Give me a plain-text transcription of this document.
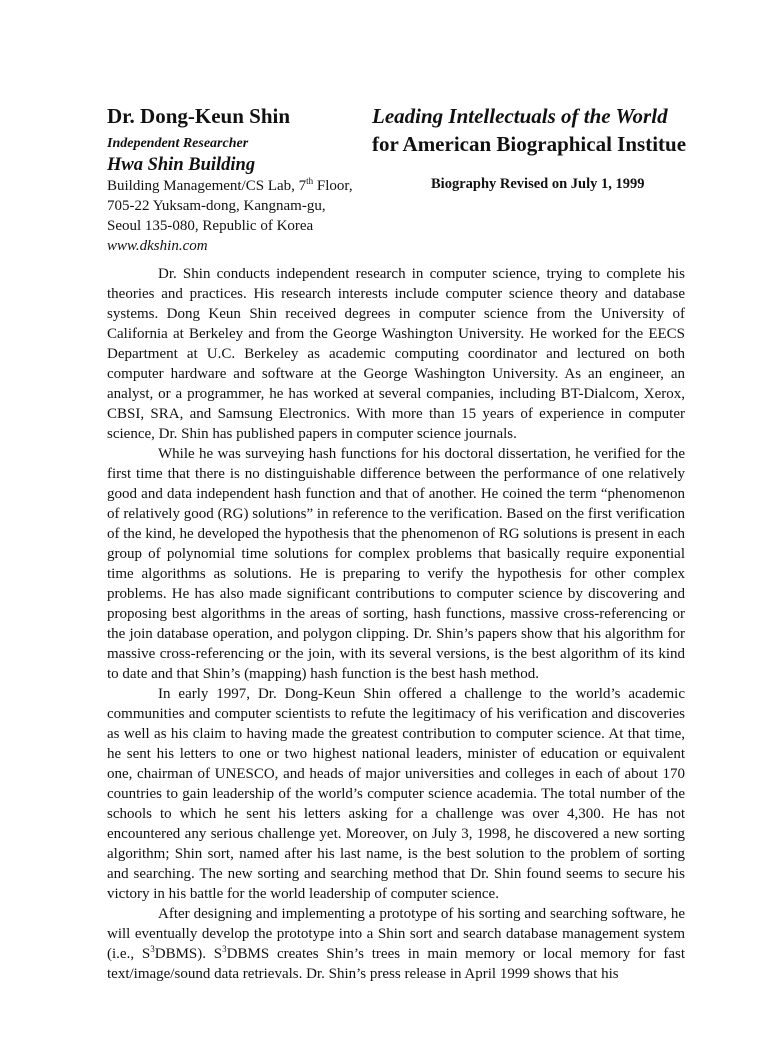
Dr. Dong-Keun Shin
Independent Researcher
Hwa Shin Building
Building Management/CS Lab, 7th Floor,
705-22 Yuksam-dong, Kangnam-gu,
Seoul 135-080, Republic of Korea
www.dkshin.com
Leading Intellectuals of the World
for American Biographical Institue
Biography Revised on July 1, 1999

Dr. Shin conducts independent research in computer science, trying to complete his theories and practices. His research interests include computer science theory and database systems. Dong Keun Shin received degrees in computer science from the University of California at Berkeley and from the George Washington University. He worked for the EECS Department at U.C. Berkeley as academic computing coordinator and lectured on both computer hardware and software at the George Washington University. As an engineer, an analyst, or a programmer, he has worked at several companies, including BT-Dialcom, Xerox, CBSI, SRA, and Samsung Electronics. With more than 15 years of experience in computer science, Dr. Shin has published papers in computer science journals.

While he was surveying hash functions for his doctoral dissertation, he verified for the first time that there is no distinguishable difference between the performance of one relatively good and data independent hash function and that of another. He coined the term “phenomenon of relatively good (RG) solutions” in reference to the verification. Based on the first verification of the kind, he developed the hypothesis that the phenomenon of RG solutions is present in each group of polynomial time solutions for complex problems that basically require exponential time algorithms as solutions. He is preparing to verify the hypothesis for other complex problems. He has also made significant contributions to computer science by discovering and proposing best algorithms in the areas of sorting, hash functions, massive cross-referencing or the join database operation, and polygon clipping. Dr. Shin’s papers show that his algorithm for massive cross-referencing or the join, with its several versions, is the best algorithm of its kind to date and that Shin’s (mapping) hash function is the best hash method.

In early 1997, Dr. Dong-Keun Shin offered a challenge to the world’s academic communities and computer scientists to refute the legitimacy of his verification and discoveries as well as his claim to having made the greatest contribution to computer science. At that time, he sent his letters to one or two highest national leaders, minister of education or equivalent one, chairman of UNESCO, and heads of major universities and colleges in each of about 170 countries to gain leadership of the world’s computer science academia. The total number of the schools to which he sent his letters asking for a challenge was over 4,300. He has not encountered any serious challenge yet. Moreover, on July 3, 1998, he discovered a new sorting algorithm; Shin sort, named after his last name, is the best solution to the problem of sorting and searching. The new sorting and searching method that Dr. Shin found seems to secure his victory in his battle for the world leadership of computer science.

After designing and implementing a prototype of his sorting and searching software, he will eventually develop the prototype into a Shin sort and search database management system (i.e., $S^3DBMS$). $S^3DBMS$ creates Shin’s trees in main memory or local memory for fast text/image/sound data retrievals. Dr. Shin’s press release in April 1999 shows that his
